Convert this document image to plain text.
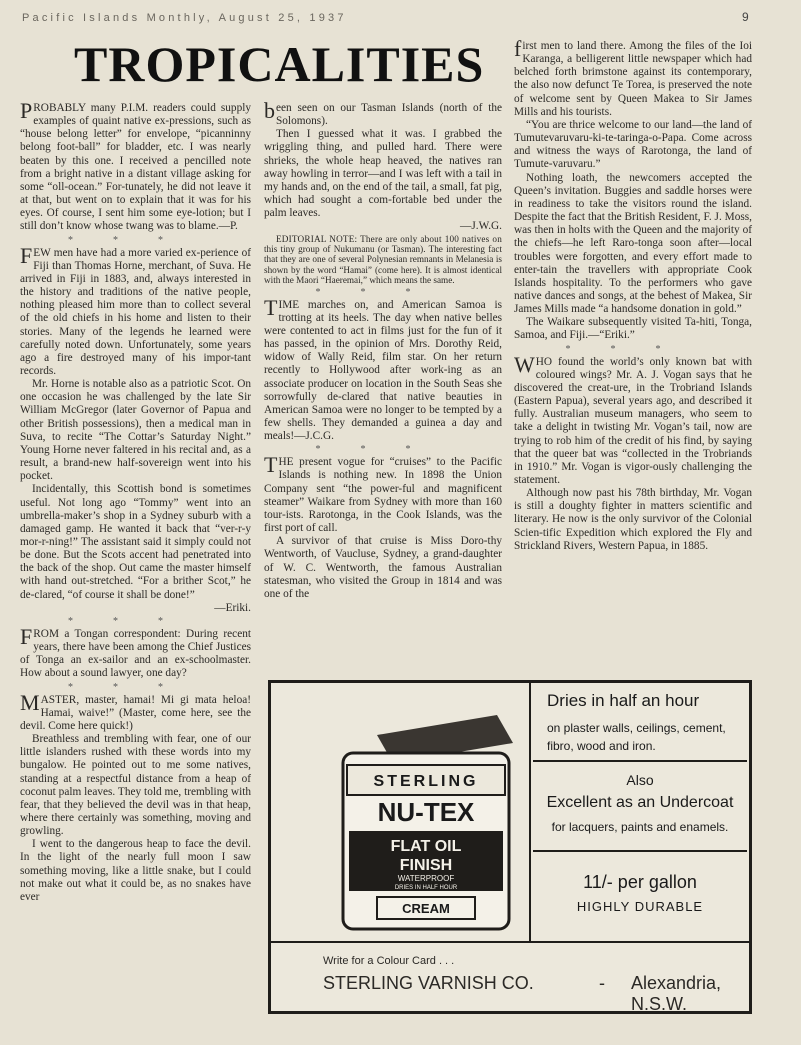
Pacific Islands Monthly, August 25, 1937	9
TROPICALITIES

PROBABLY many P.I.M. readers could supply examples of quaint native ex-pressions, such as “house belong letter” for envelope, “picanninny belong foot-ball” for bladder, etc. I was nearly beaten by this one. I received a pencilled note from a bright native in a distant village asking for some “oll-ocean.” For-tunately, he did not leave it at that, but went on to explain that it was for his eyes. Of course, I sent him some eye-lotion; but I still don’t know whose twang was to blame.—P.

***

FEW men have had a more varied ex-perience of Fiji than Thomas Horne, merchant, of Suva. He arrived in Fiji in 1883, and, always interested in the history and traditions of the native people, nothing pleased him more than to collect several of the old chiefs in his home and listen to their stories. Many of the legends he learned were carefully noted down. Unfortunately, some years ago a fire destroyed many of his impor-tant records.

Mr. Horne is notable also as a patriotic Scot. On one occasion he was challenged by the late Sir William McGregor (later Governor of Papua and other British possessions), then a medical man in Suva, to recite “The Cottar’s Saturday Night.” Young Horne never faltered in his recital and, as a result, a brand-new half-sovereign went into his pocket.

Incidentally, this Scottish bond is sometimes useful. Not long ago “Tommy” went into an umbrella-maker’s shop in a Sydney suburb with a damaged gamp. He wanted it back that “ver-r-y mor-r-ning!” The assistant said it simply could not be done. But the Scots accent had penetrated into the back of the shop. Out came the master himself with hand out-stretched. “For a brither Scot,” he de-clared, “of course it shall be done!”

—Eriki.

***

FROM a Tongan correspondent: During recent years, there have been among the Chief Justices of Tonga an ex-sailor and an ex-schoolmaster. How about a sound lawyer, one day?

***

MASTER, master, hamai! Mi gi mata heloa! Hamai, waive!” (Master, come here, see the devil. Come here quick!)

Breathless and trembling with fear, one of our little islanders rushed with these words into my bungalow. He pointed out to me some natives, standing at a respectful distance from a heap of coconut palm leaves. They told me, trembling with fear, that they believed the devil was in that heap, where there certainly was something, moving and growling.

I went to the dangerous heap to face the devil. In the light of the nearly full moon I saw something moving, like a little snake, but I could not make out what it could be, as no snakes have ever

been seen on our Tasman Islands (north of the Solomons).

Then I guessed what it was. I grabbed the wriggling thing, and pulled hard. There were shrieks, the whole heap heaved, the natives ran away howling in terror—and I was left with a tail in my hands and, on the end of the tail, a small, fat pig, which had sought a com-fortable bed under the palm leaves.

—J.W.G.

EDITORIAL NOTE: There are only about 100 natives on this tiny group of Nukumanu (or Tasman). The interesting fact that they are one of several Polynesian remnants in Melanesia is shown by the word “Hamai” (come here). It is almost identical with the Maori “Haeremai,” which means the same.

***

TIME marches on, and American Samoa is trotting at its heels. The day when native belles were contented to act in films just for the fun of it has passed, in the opinion of Mrs. Dorothy Reid, widow of Wally Reid, film star. On her return recently to Hollywood after work-ing as an associate producer on location in the South Seas she sorrowfully de-clared that native beauties in American Samoa were no longer to be tempted by a few shells. They demanded a guinea a day and meals!—J.C.G.

***

THE present vogue for “cruises” to the Pacific Islands is nothing new. In 1898 the Union Company sent “the power-ful and magnificent steamer” Waikare from Sydney with more than 160 tour-ists. Rarotonga, in the Cook Islands, was the first port of call.

A survivor of that cruise is Miss Doro-thy Wentworth, of Vaucluse, Sydney, a grand-daughter of W. C. Wentworth, the famous Australian statesman, who visited the Group in 1814 and was one of the

first men to land there. Among the files of the Ioi Karanga, a belligerent little newspaper which had belched forth brimstone against its contemporary, the also now defunct Te Torea, is preserved the note of welcome sent by Queen Makea to Sir James Mills and his tourists.

“You are thrice welcome to our land—the land of Tumutevaruvaru-ki-te-taringa-o-Papa. Come across and witness the ways of Rarotonga, the land of Tumute-varuvaru.”

Nothing loath, the newcomers accepted the Queen’s invitation. Buggies and saddle horses were in readiness to take the visitors round the island. Despite the fact that the British Resident, F. J. Moss, was then in holts with the Queen and the majority of the chiefs—he left Raro-tonga soon after—local troubles were forgotten, and every effort made to enter-tain the travellers with appropriate Cook Islands hospitality. To the performers who gave native dances and songs, at the behest of Makea, Sir James Mills made “a handsome donation in gold.”

The Waikare subsequently visited Ta-hiti, Tonga, Samoa, and Fiji.—“Eriki.”

***

WHO found the world’s only known bat with coloured wings? Mr. A. J. Vogan says that he discovered the creat-ure, in the Trobriand Islands (Eastern Papua), several years ago, and described it fully. Australian museum managers, who seem to take a delight in twisting Mr. Vogan’s tail, now are trying to rob him of the credit of his find, by saying that the queer bat was “collected in the Trobriands in 1910.” Mr. Vogan is vigor-ously challenging the statement.

Although now past his 78th birthday, Mr. Vogan is still a doughty fighter in matters scientific and literary. He now is the only survivor of the Colonial Scien-tific Expedition which explored the Fly and Strickland Rivers, Western Papua, in 1885.

STERLING
NU-TEX
FLAT OIL
FINISH
WATERPROOF
DRIES IN HALF HOUR
CREAM
Dries in half an hour
on plaster walls, ceilings, cement, fibro, wood and iron.
Also
Excellent as an Undercoat
for lacquers, paints and enamels.
11/- per gallon
HIGHLY DURABLE
Write for a Colour Card . . .
STERLING VARNISH CO.	- Alexandria, N.S.W.
